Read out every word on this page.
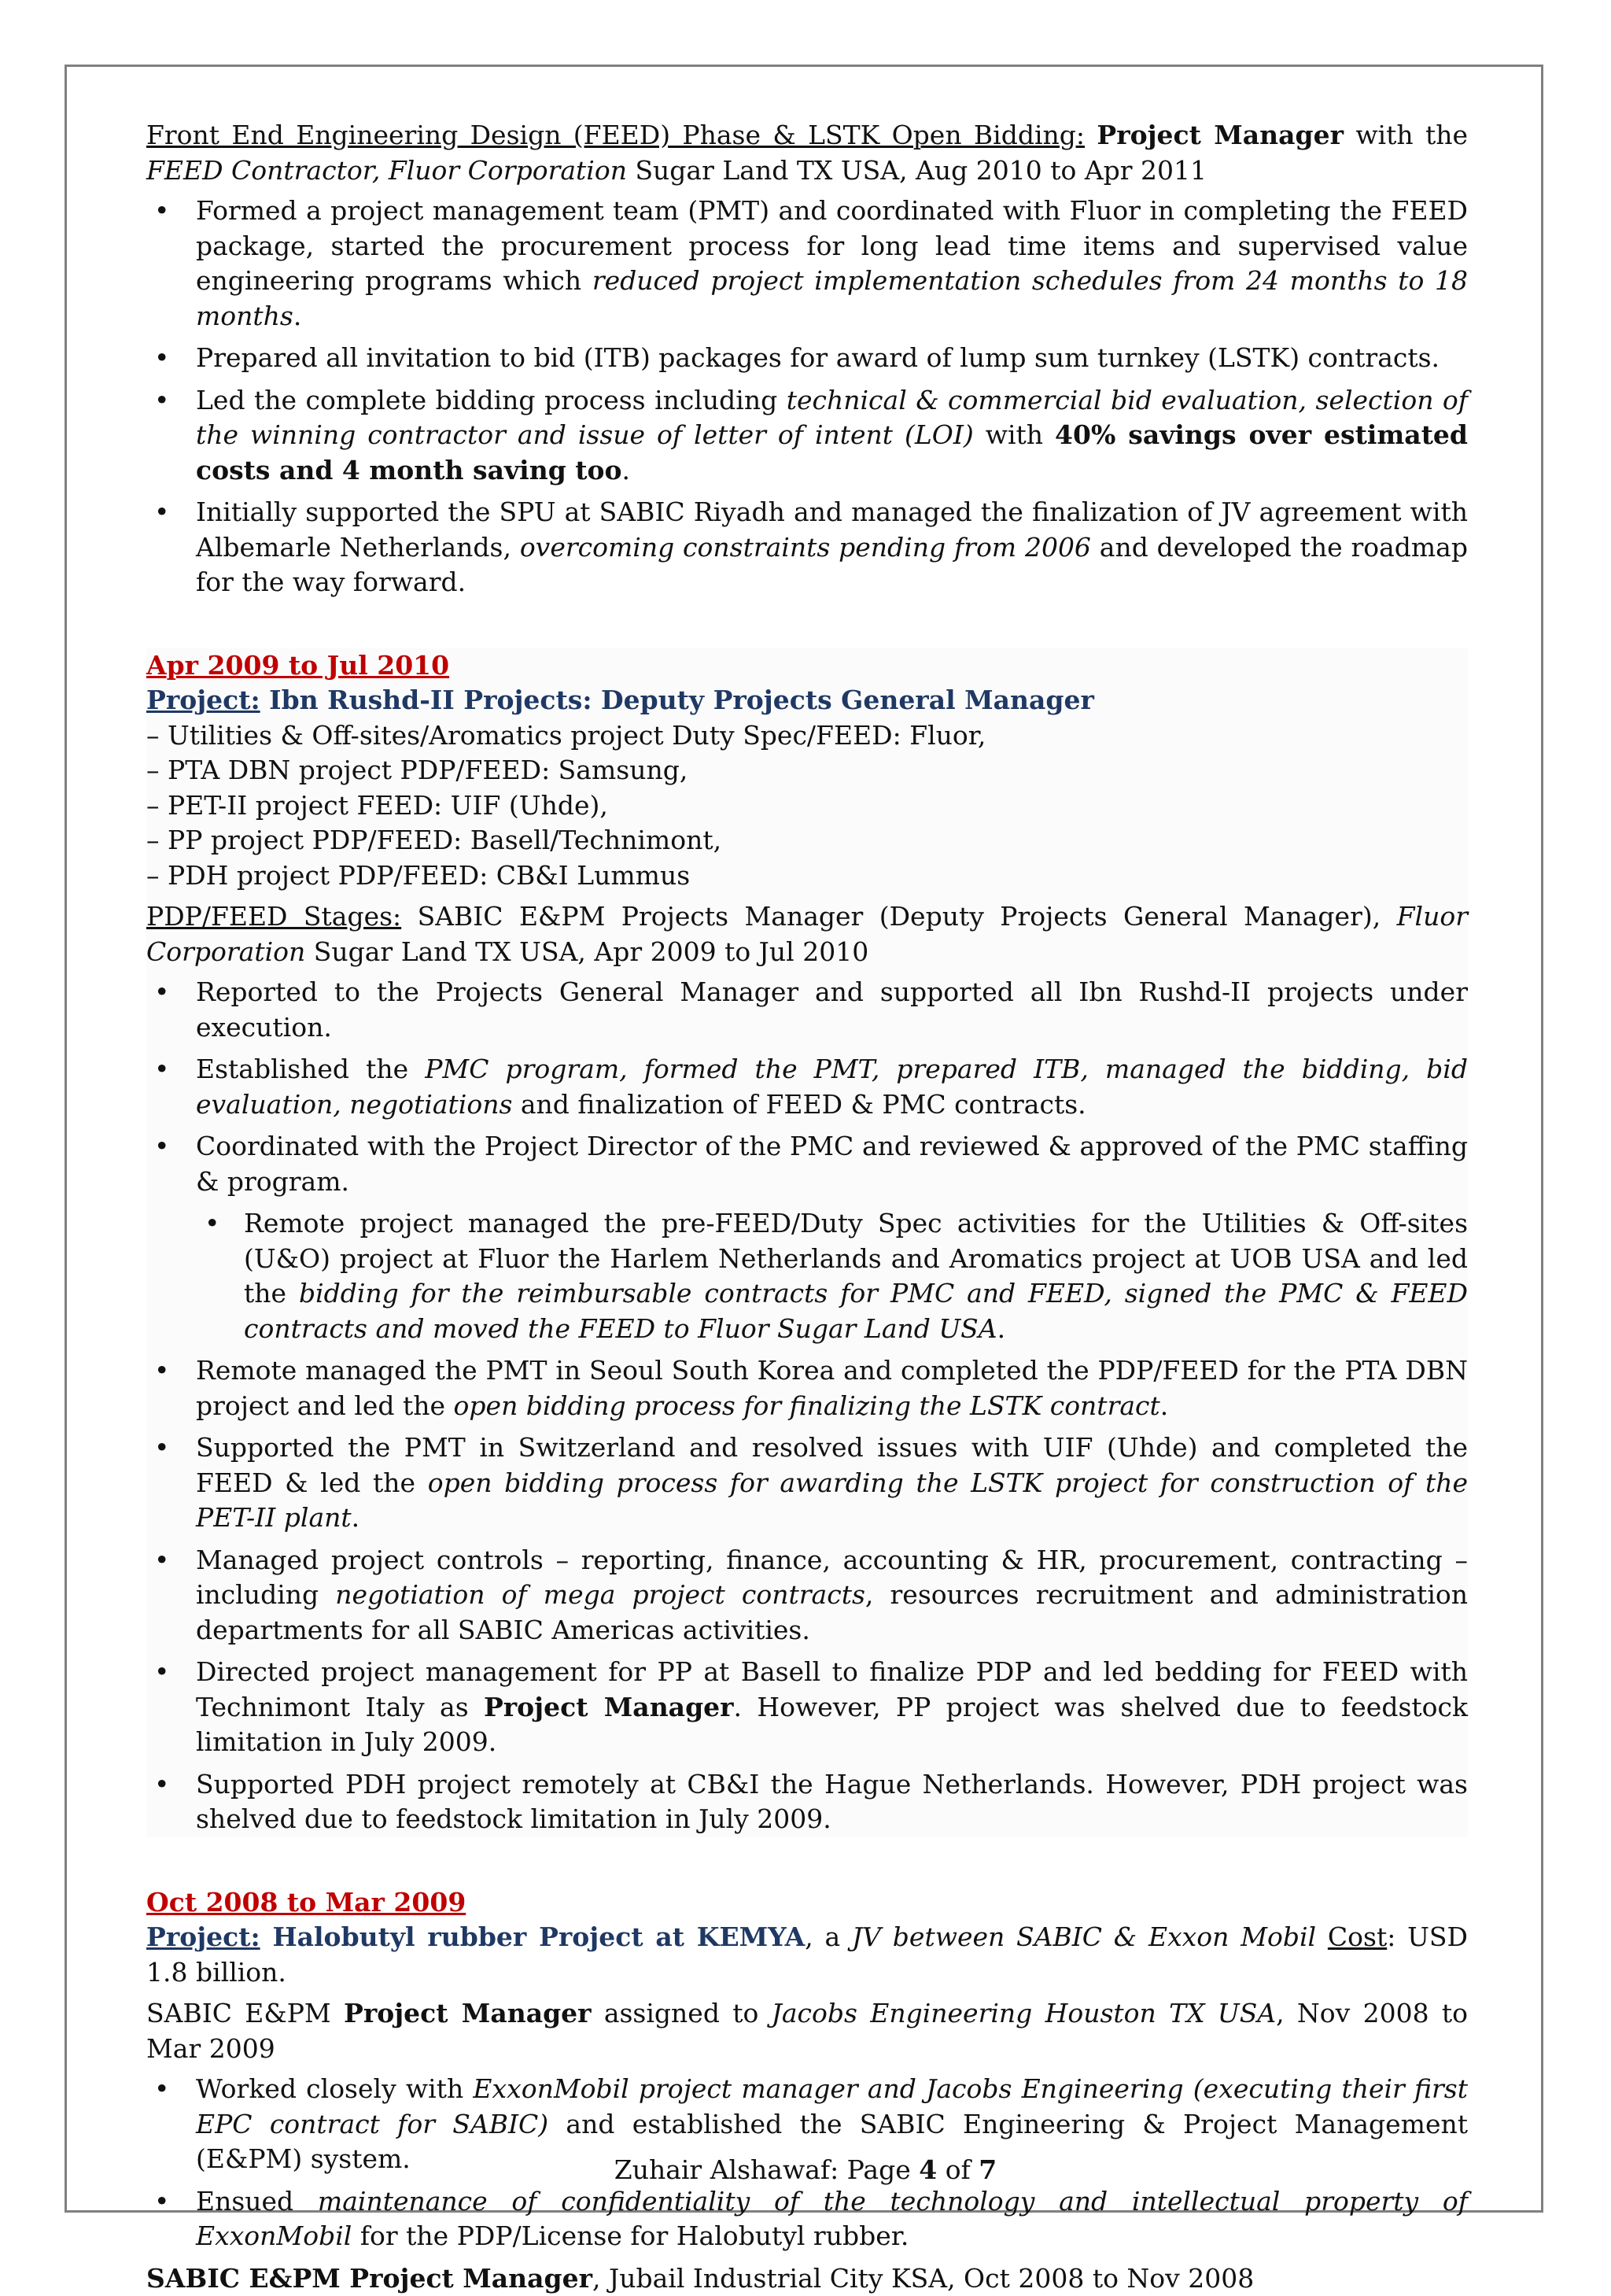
Front End Engineering Design (FEED) Phase & LSTK Open Bidding: Project Manager with the FEED Contractor, Fluor Corporation Sugar Land TX USA, Aug 2010 to Apr 2011

• Formed a project management team (PMT) and coordinated with Fluor in completing the FEED package, started the procurement process for long lead time items and supervised value engineering programs which reduced project implementation schedules from 24 months to 18 months.
• Prepared all invitation to bid (ITB) packages for award of lump sum turnkey (LSTK) contracts.
• Led the complete bidding process including technical & commercial bid evaluation, selection of the winning contractor and issue of letter of intent (LOI) with 40% savings over estimated costs and 4 month saving too.
• Initially supported the SPU at SABIC Riyadh and managed the finalization of JV agreement with Albemarle Netherlands, overcoming constraints pending from 2006 and developed the roadmap for the way forward.

Apr 2009 to Jul 2010

Project: Ibn Rushd-II Projects: Deputy Projects General Manager

– Utilities & Off-sites/Aromatics project Duty Spec/FEED: Fluor,

– PTA DBN project PDP/FEED: Samsung,

– PET-II project FEED: UIF (Uhde),

– PP project PDP/FEED: Basell/Technimont,

– PDH project PDP/FEED: CB&I Lummus

PDP/FEED Stages: SABIC E&PM Projects Manager (Deputy Projects General Manager), Fluor Corporation Sugar Land TX USA, Apr 2009 to Jul 2010

• Reported to the Projects General Manager and supported all Ibn Rushd-II projects under execution.
• Established the PMC program, formed the PMT, prepared ITB, managed the bidding, bid evaluation, negotiations and finalization of FEED & PMC contracts.
• Coordinated with the Project Director of the PMC and reviewed & approved of the PMC staffing & program.
• Remote project managed the pre-FEED/Duty Spec activities for the Utilities & Off-sites (U&O) project at Fluor the Harlem Netherlands and Aromatics project at UOB USA and led the bidding for the reimbursable contracts for PMC and FEED, signed the PMC & FEED contracts and moved the FEED to Fluor Sugar Land USA.
• Remote managed the PMT in Seoul South Korea and completed the PDP/FEED for the PTA DBN project and led the open bidding process for finalizing the LSTK contract.
• Supported the PMT in Switzerland and resolved issues with UIF (Uhde) and completed the FEED & led the open bidding process for awarding the LSTK project for construction of the PET-II plant.
• Managed project controls – reporting, finance, accounting & HR, procurement, contracting – including negotiation of mega project contracts, resources recruitment and administration departments for all SABIC Americas activities.
• Directed project management for PP at Basell to finalize PDP and led bedding for FEED with Technimont Italy as Project Manager. However, PP project was shelved due to feedstock limitation in July 2009.
• Supported PDH project remotely at CB&I the Hague Netherlands. However, PDH project was shelved due to feedstock limitation in July 2009.

Oct 2008 to Mar 2009

Project: Halobutyl rubber Project at KEMYA, a JV between SABIC & Exxon Mobil Cost: USD 1.8 billion.

SABIC E&PM Project Manager assigned to Jacobs Engineering Houston TX USA, Nov 2008 to Mar 2009

• Worked closely with ExxonMobil project manager and Jacobs Engineering (executing their first EPC contract for SABIC) and established the SABIC Engineering & Project Management (E&PM) system.
• Ensued maintenance of confidentiality of the technology and intellectual property of ExxonMobil for the PDP/License for Halobutyl rubber.

SABIC E&PM Project Manager, Jubail Industrial City KSA, Oct 2008 to Nov 2008

Zuhair Alshawaf: Page 4 of 7
